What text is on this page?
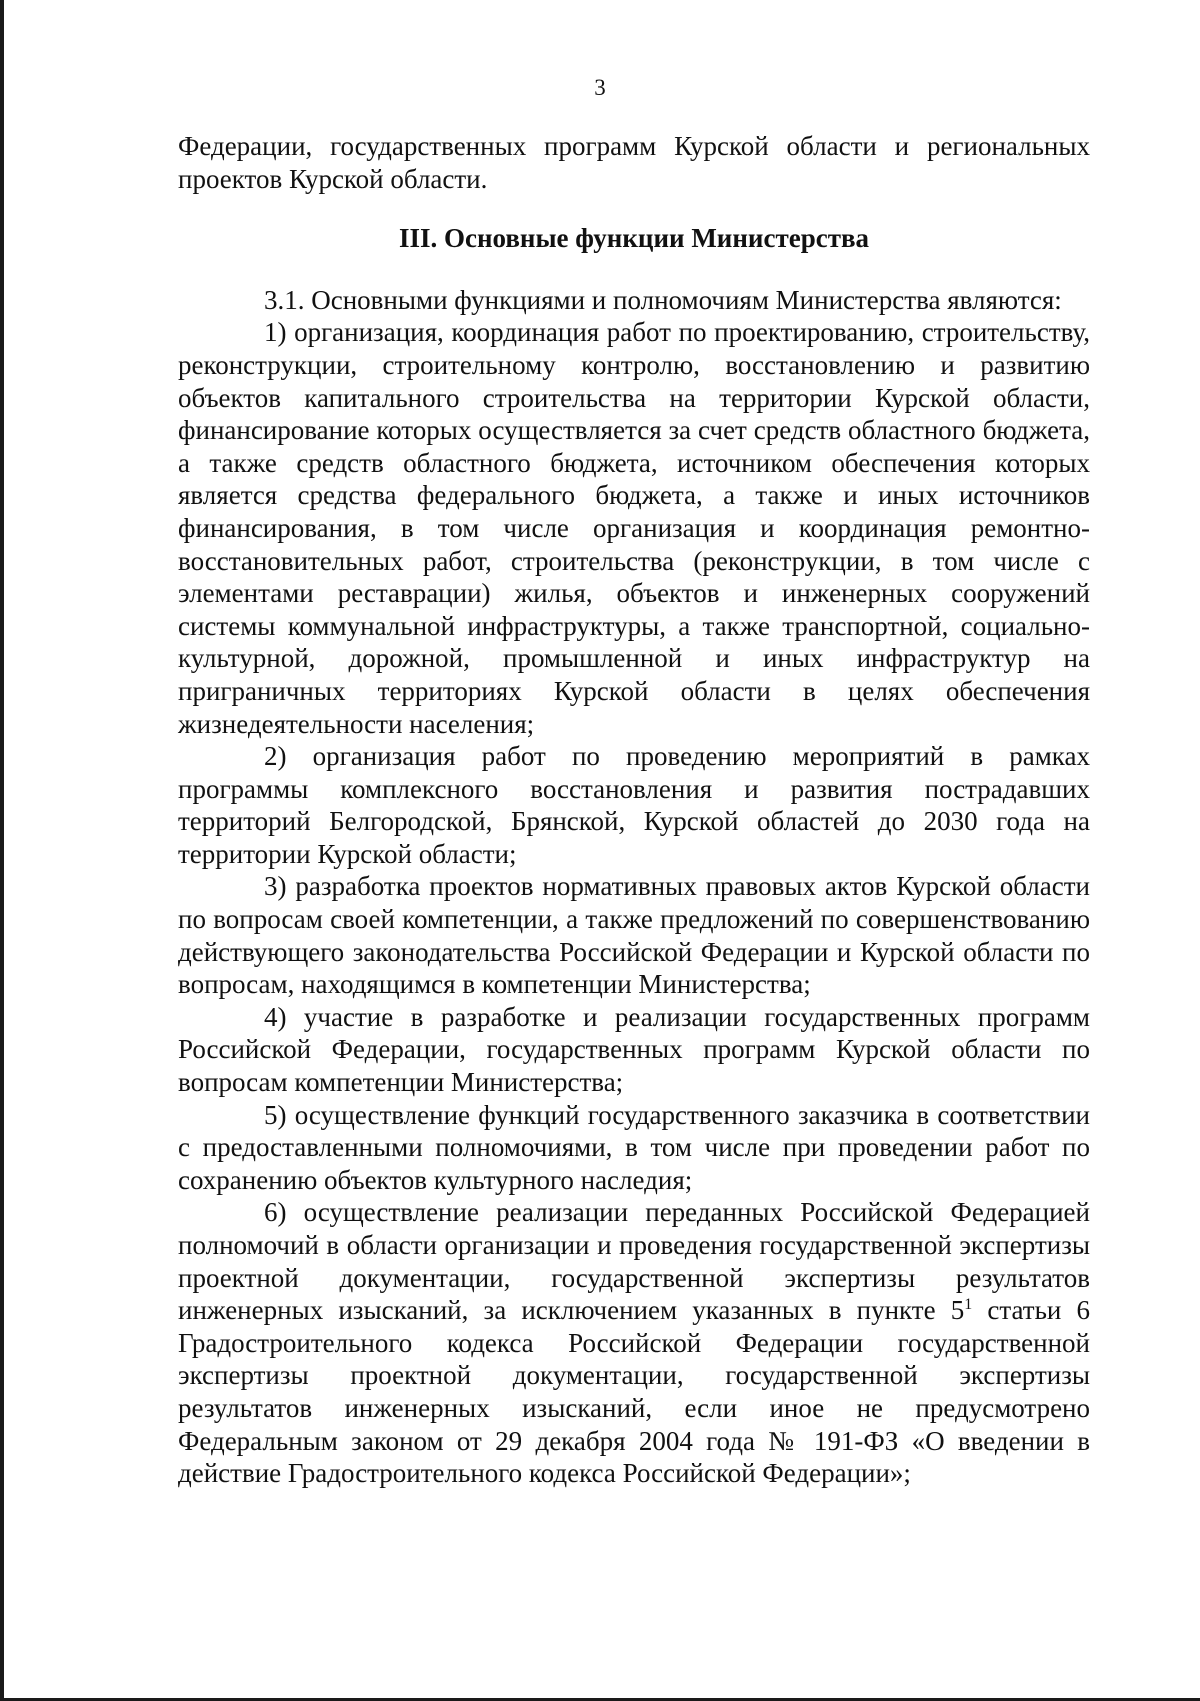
3

Федерации, государственных программ Курской области и региональных проектов Курской области.

III. Основные функции Министерства

3.1. Основными функциями и полномочиям Министерства являются:

1) организация, координация работ по проектированию, строительству, реконструкции, строительному контролю, восстановлению и развитию объектов капитального строительства на территории Курской области, финансирование которых осуществляется за счет средств областного бюджета, а также средств областного бюджета, источником обеспечения которых является средства федерального бюджета, а также и иных источников финансирования, в том числе организация и координация ремонтно-восстановительных работ, строительства (реконструкции, в том числе с элементами реставрации) жилья, объектов и инженерных сооружений системы коммунальной инфраструктуры, а также транспортной, социально-культурной, дорожной, промышленной и иных инфраструктур на приграничных территориях Курской области в целях обеспечения жизнедеятельности населения;

2) организация работ по проведению мероприятий в рамках программы комплексного восстановления и развития пострадавших территорий Белгородской, Брянской, Курской областей до 2030 года на территории Курской области;

3) разработка проектов нормативных правовых актов Курской области по вопросам своей компетенции, а также предложений по совершенствованию действующего законодательства Российской Федерации и Курской области по вопросам, находящимся в компетенции Министерства;

4) участие в разработке и реализации государственных программ Российской Федерации, государственных программ Курской области по вопросам компетенции Министерства;

5) осуществление функций государственного заказчика в соответствии с предоставленными полномочиями, в том числе при проведении работ по сохранению объектов культурного наследия;

6) осуществление реализации переданных Российской Федерацией полномочий в области организации и проведения государственной экспертизы проектной документации, государственной экспертизы результатов инженерных изысканий, за исключением указанных в пункте $5^1$ статьи 6 Градостроительного кодекса Российской Федерации государственной экспертизы проектной документации, государственной экспертизы результатов инженерных изысканий, если иное не предусмотрено Федеральным законом от 29 декабря 2004 года № 191-ФЗ «О введении в действие Градостроительного кодекса Российской Федерации»;
